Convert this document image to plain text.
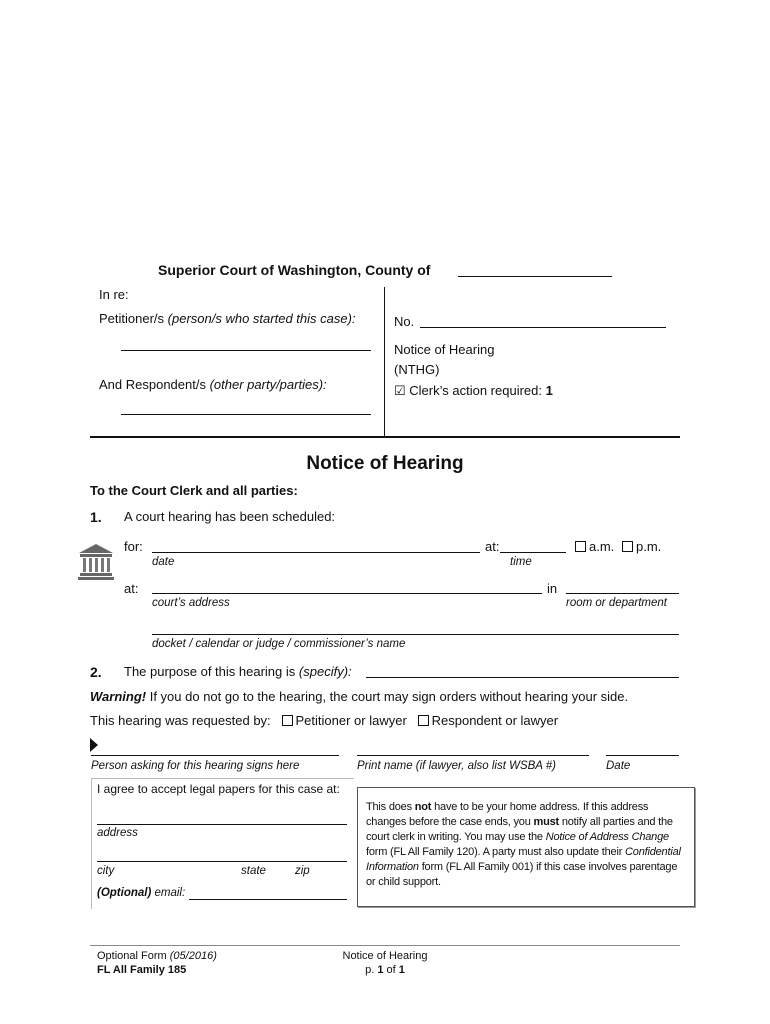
Superior Court of Washington, County of
In re:
Petitioner/s (person/s who started this case):
And Respondent/s (other party/parties):
No.
Notice of Hearing
(NTHG)
☑ Clerk’s action required: 1
Notice of Hearing
To the Court Clerk and all parties:
1. A court hearing has been scheduled:
for:
date
at:
time
a.m.	p.m.
at:
court’s address
in
room or department
docket / calendar or judge / commissioner’s name
2. The purpose of this hearing is (specify):
Warning! If you do not go to the hearing, the court may sign orders without hearing your side.
This hearing was requested by: Petitioner or lawyer Respondent or lawyer
Person asking for this hearing signs here	Print name (if lawyer, also list WSBA #)	Date
I agree to accept legal papers for this case at:
address
city	state	zip
(Optional) email:
This does not have to be your home address. If this address changes before the case ends, you must notify all parties and the court clerk in writing. You may use the Notice of Address Change form (FL All Family 120). A party must also update their Confidential Information form (FL All Family 001) if this case involves parentage or child support.
Optional Form (05/2016)
FL All Family 185
Notice of Hearing
p. 1 of 1
